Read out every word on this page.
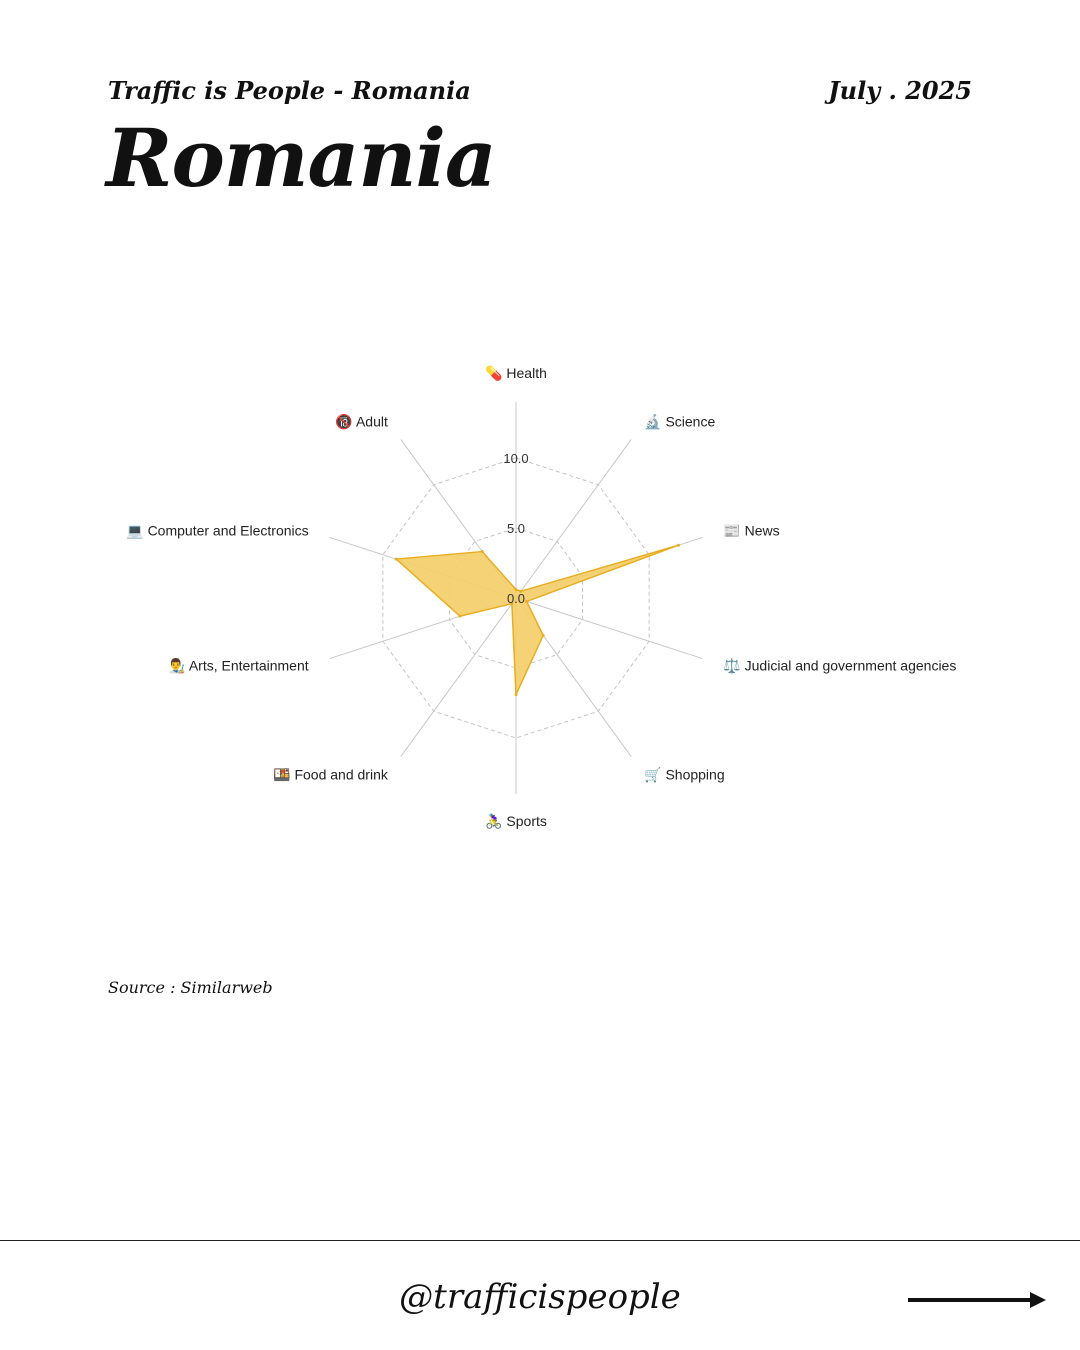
Traffic is People - Romania	July . 2025
Romania
0.0
5.0
10.0
💊 Health
🔬 Science
📰 News
⚖️ Judicial and government agencies
🛒 Shopping
🚴‍♀️ Sports
🍱 Food and drink
👨‍🎨 Arts, Entertainment
💻 Computer and Electronics
🔞 Adult
Source : Similarweb
@trafficispeople
